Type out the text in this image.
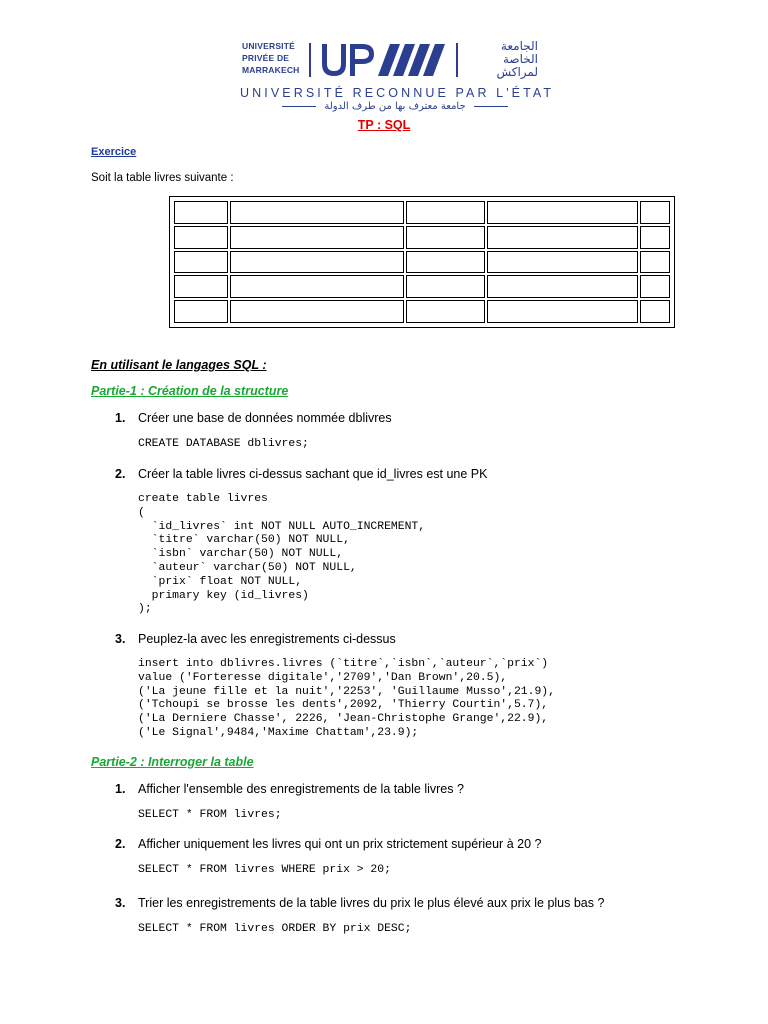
UNIVERSITÉ
PRIVÉE DE
MARRAKECH
الجامعة
الخاصة
لمراكش
UNIVERSITÉ RECONNUE PAR L'ÉTAT
جامعة معترف بها من طرف الدولة
TP : SQL
Exercice
Soit la table livres suivante :

En utilisant le langages SQL :
Partie-1 : Création de la structure
1.	Créer une base de données nommée dblivres
CREATE DATABASE dblivres;
2.	Créer la table livres ci-dessus sachant que id_livres est une PK
create table livres
(
`id_livres` int NOT NULL AUTO_INCREMENT,
`titre` varchar(50) NOT NULL,
`isbn` varchar(50) NOT NULL,
`auteur` varchar(50) NOT NULL,
`prix` float NOT NULL,
primary key (id_livres)
);
3.	Peuplez-la avec les enregistrements ci-dessus
insert into dblivres.livres (`titre`,`isbn`,`auteur`,`prix`)
value ('Forteresse digitale','2709','Dan Brown',20.5),
('La jeune fille et la nuit','2253', 'Guillaume Musso',21.9),
('Tchoupi se brosse les dents',2092, 'Thierry Courtin',5.7),
('La Derniere Chasse', 2226, 'Jean-Christophe Grange',22.9),
('Le Signal',9484,'Maxime Chattam',23.9);
Partie-2 : Interroger la table
1.	Afficher l'ensemble des enregistrements de la table livres ?
SELECT * FROM livres;
2.	Afficher uniquement les livres qui ont un prix strictement supérieur à 20 ?
SELECT * FROM livres WHERE prix > 20;
3.	Trier les enregistrements de la table livres du prix le plus élevé aux prix le plus bas ?
SELECT * FROM livres ORDER BY prix DESC;
